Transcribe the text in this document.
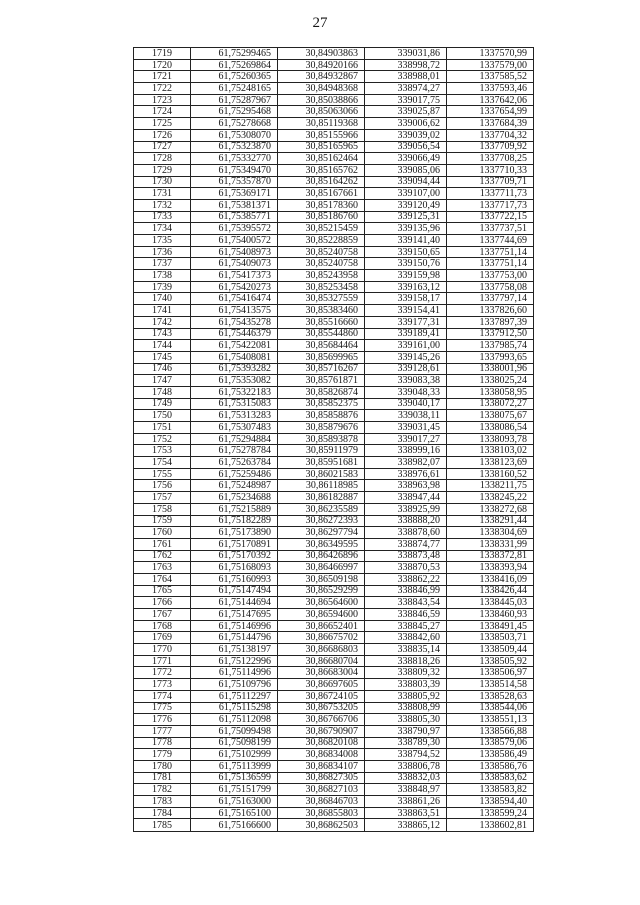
27
1719	61,75299465	30,84903863	339031,86	1337570,99
1720	61,75269864	30,84920166	338998,72	1337579,00
1721	61,75260365	30,84932867	338988,01	1337585,52
1722	61,75248165	30,84948368	338974,27	1337593,46
1723	61,75287967	30,85038866	339017,75	1337642,06
1724	61,75295468	30,85063066	339025,87	1337654,99
1725	61,75278668	30,85119368	339006,62	1337684,39
1726	61,75308070	30,85155966	339039,02	1337704,32
1727	61,75323870	30,85165965	339056,54	1337709,92
1728	61,75332770	30,85162464	339066,49	1337708,25
1729	61,75349470	30,85165762	339085,06	1337710,33
1730	61,75357870	30,85164262	339094,44	1337709,71
1731	61,75369171	30,85167661	339107,00	1337711,73
1732	61,75381371	30,85178360	339120,49	1337717,73
1733	61,75385771	30,85186760	339125,31	1337722,15
1734	61,75395572	30,85215459	339135,96	1337737,51
1735	61,75400572	30,85228859	339141,40	1337744,69
1736	61,75408973	30,85240758	339150,65	1337751,14
1737	61,75409073	30,85240758	339150,76	1337751,14
1738	61,75417373	30,85243958	339159,98	1337753,00
1739	61,75420273	30,85253458	339163,12	1337758,08
1740	61,75416474	30,85327559	339158,17	1337797,14
1741	61,75413575	30,85383460	339154,41	1337826,60
1742	61,75435278	30,85516660	339177,31	1337897,39
1743	61,75446379	30,85544860	339189,41	1337912,50
1744	61,75422081	30,85684464	339161,00	1337985,74
1745	61,75408081	30,85699965	339145,26	1337993,65
1746	61,75393282	30,85716267	339128,61	1338001,96
1747	61,75353082	30,85761871	339083,38	1338025,24
1748	61,75322183	30,85826874	339048,33	1338058,95
1749	61,75315083	30,85852375	339040,17	1338072,27
1750	61,75313283	30,85858876	339038,11	1338075,67
1751	61,75307483	30,85879676	339031,45	1338086,54
1752	61,75294884	30,85893878	339017,27	1338093,78
1753	61,75278784	30,85911979	338999,16	1338103,02
1754	61,75263784	30,85951681	338982,07	1338123,69
1755	61,75259486	30,86021583	338976,61	1338160,52
1756	61,75248987	30,86118985	338963,98	1338211,75
1757	61,75234688	30,86182887	338947,44	1338245,22
1758	61,75215889	30,86235589	338925,99	1338272,68
1759	61,75182289	30,86272393	338888,20	1338291,44
1760	61,75173890	30,86297794	338878,60	1338304,69
1761	61,75170891	30,86349595	338874,77	1338331,99
1762	61,75170392	30,86426896	338873,48	1338372,81
1763	61,75168093	30,86466997	338870,53	1338393,94
1764	61,75160993	30,86509198	338862,22	1338416,09
1765	61,75147494	30,86529299	338846,99	1338426,44
1766	61,75144694	30,86564600	338843,54	1338445,03
1767	61,75147695	30,86594600	338846,59	1338460,93
1768	61,75146996	30,86652401	338845,27	1338491,45
1769	61,75144796	30,86675702	338842,60	1338503,71
1770	61,75138197	30,86686803	338835,14	1338509,44
1771	61,75122996	30,86680704	338818,26	1338505,92
1772	61,75114996	30,86683004	338809,32	1338506,97
1773	61,75109796	30,86697605	338803,39	1338514,58
1774	61,75112297	30,86724105	338805,92	1338528,63
1775	61,75115298	30,86753205	338808,99	1338544,06
1776	61,75112098	30,86766706	338805,30	1338551,13
1777	61,75099498	30,86790907	338790,97	1338566,88
1778	61,75098199	30,86820108	338789,30	1338579,06
1779	61,75102999	30,86834008	338794,52	1338586,49
1780	61,75113999	30,86834107	338806,78	1338586,76
1781	61,75136599	30,86827305	338832,03	1338583,62
1782	61,75151799	30,86827103	338848,97	1338583,82
1783	61,75163000	30,86846703	338861,26	1338594,40
1784	61,75165100	30,86855803	338863,51	1338599,24
1785	61,75166600	30,86862503	338865,12	1338602,81
